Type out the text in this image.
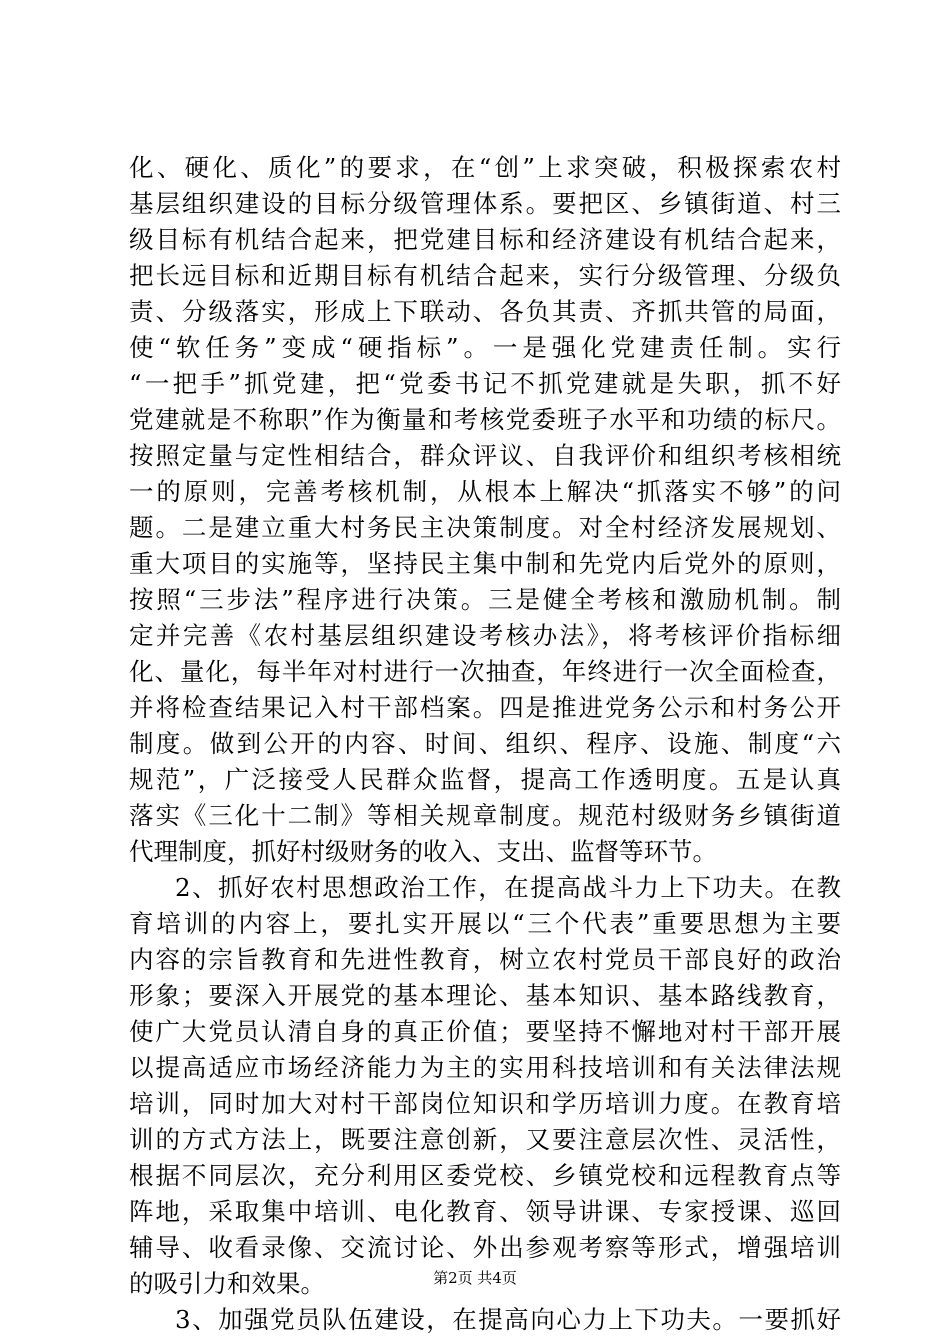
化、硬化、质化”的要求，在“创”上求突破，积极探索农村
基层组织建设的目标分级管理体系。要把区、乡镇街道、村三
级目标有机结合起来，把党建目标和经济建设有机结合起来，
把长远目标和近期目标有机结合起来，实行分级管理、分级负
责、分级落实，形成上下联动、各负其责、齐抓共管的局面，
使“软任务”变成“硬指标”。一是强化党建责任制。实行
“一把手”抓党建，把“党委书记不抓党建就是失职，抓不好
党建就是不称职”作为衡量和考核党委班子水平和功绩的标尺。
按照定量与定性相结合，群众评议、自我评价和组织考核相统
一的原则，完善考核机制，从根本上解决“抓落实不够”的问
题。二是建立重大村务民主决策制度。对全村经济发展规划、
重大项目的实施等，坚持民主集中制和先党内后党外的原则，
按照“三步法”程序进行决策。三是健全考核和激励机制。制
定并完善《农村基层组织建设考核办法》，将考核评价指标细
化、量化，每半年对村进行一次抽查，年终进行一次全面检查，
并将检查结果记入村干部档案。四是推进党务公示和村务公开
制度。做到公开的内容、时间、组织、程序、设施、制度“六
规范”，广泛接受人民群众监督，提高工作透明度。五是认真
落实《三化十二制》等相关规章制度。规范村级财务乡镇街道
代理制度，抓好村级财务的收入、支出、监督等环节。
2、抓好农村思想政治工作，在提高战斗力上下功夫。在教
育培训的内容上，要扎实开展以“三个代表”重要思想为主要
内容的宗旨教育和先进性教育，树立农村党员干部良好的政治
形象；要深入开展党的基本理论、基本知识、基本路线教育，
使广大党员认清自身的真正价值；要坚持不懈地对村干部开展
以提高适应市场经济能力为主的实用科技培训和有关法律法规
培训，同时加大对村干部岗位知识和学历培训力度。在教育培
训的方式方法上，既要注意创新，又要注意层次性、灵活性，
根据不同层次，充分利用区委党校、乡镇党校和远程教育点等
阵地，采取集中培训、电化教育、领导讲课、专家授课、巡回
辅导、收看录像、交流讨论、外出参观考察等形式，增强培训
的吸引力和效果。
3、加强党员队伍建设，在提高向心力上下功夫。一要抓好
第2页 共4页
